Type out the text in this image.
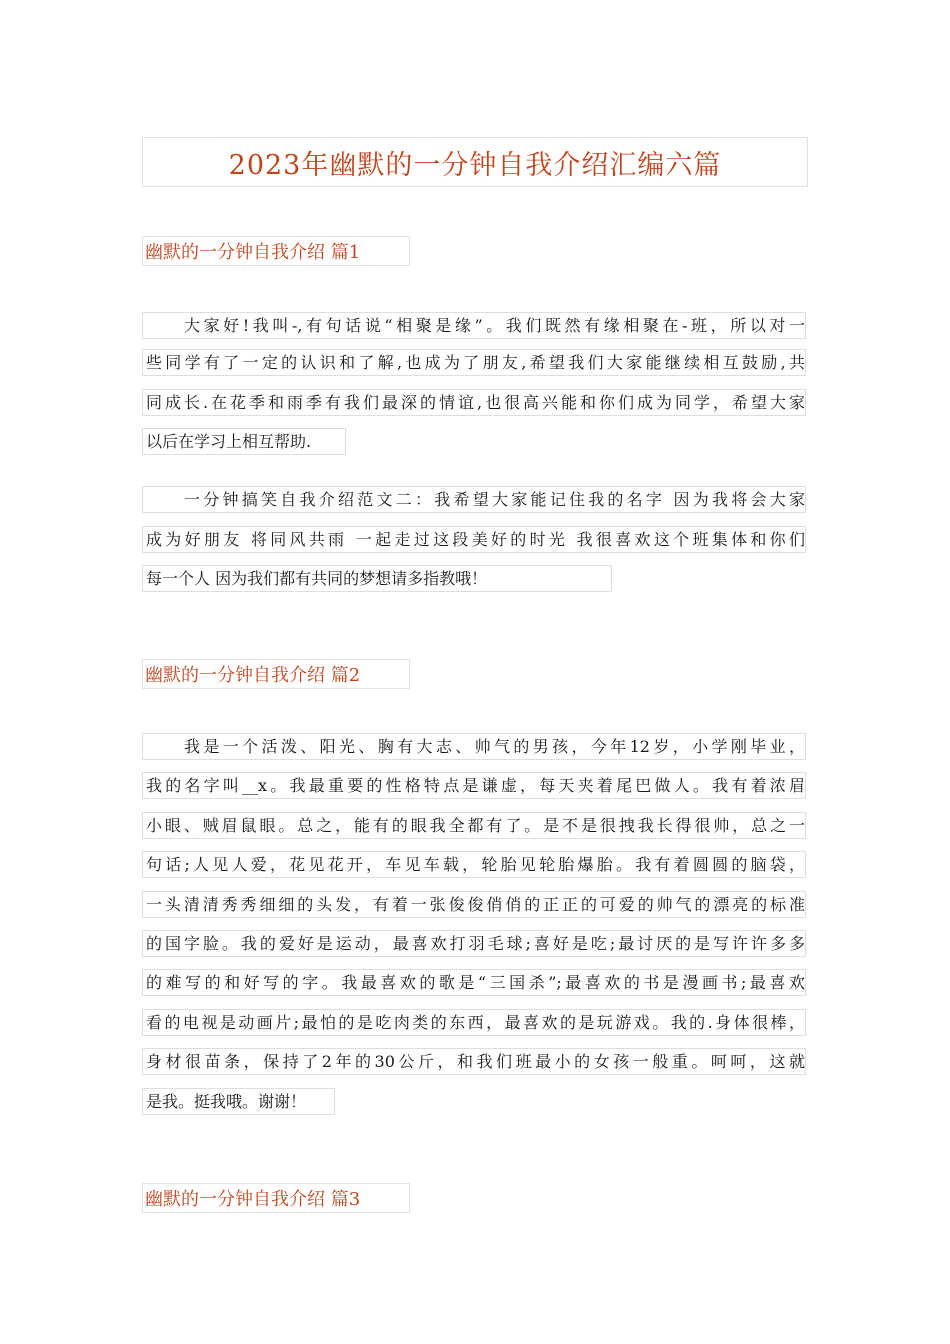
2023年幽默的一分钟自我介绍汇编六篇
幽默的一分钟自我介绍 篇1
大家好!我叫-,有句话说“相聚是缘”。我们既然有缘相聚在-班，所以对一
些同学有了一定的认识和了解,也成为了朋友,希望我们大家能继续相互鼓励,共
同成长.在花季和雨季有我们最深的情谊,也很高兴能和你们成为同学，希望大家
以后在学习上相互帮助.
一分钟搞笑自我介绍范文二：我希望大家能记住我的名字 因为我将会大家
成为好朋友 将同风共雨 一起走过这段美好的时光 我很喜欢这个班集体和你们
每一个人 因为我们都有共同的梦想请多指教哦！
幽默的一分钟自我介绍 篇2
我是一个活泼、阳光、胸有大志、帅气的男孩，今年12岁，小学刚毕业，
我的名字叫__x。我最重要的性格特点是谦虚，每天夹着尾巴做人。我有着浓眉
小眼、贼眉鼠眼。总之，能有的眼我全都有了。是不是很拽我长得很帅，总之一
句话;人见人爱，花见花开，车见车载，轮胎见轮胎爆胎。我有着圆圆的脑袋，
一头清清秀秀细细的头发，有着一张俊俊俏俏的正正的可爱的帅气的漂亮的标准
的国字脸。我的爱好是运动，最喜欢打羽毛球;喜好是吃;最讨厌的是写许许多多
的难写的和好写的字。我最喜欢的歌是“三国杀”;最喜欢的书是漫画书;最喜欢
看的电视是动画片;最怕的是吃肉类的东西，最喜欢的是玩游戏。我的.身体很棒，
身材很苗条，保持了2年的30公斤，和我们班最小的女孩一般重。呵呵，这就
是我。挺我哦。谢谢！
幽默的一分钟自我介绍 篇3
